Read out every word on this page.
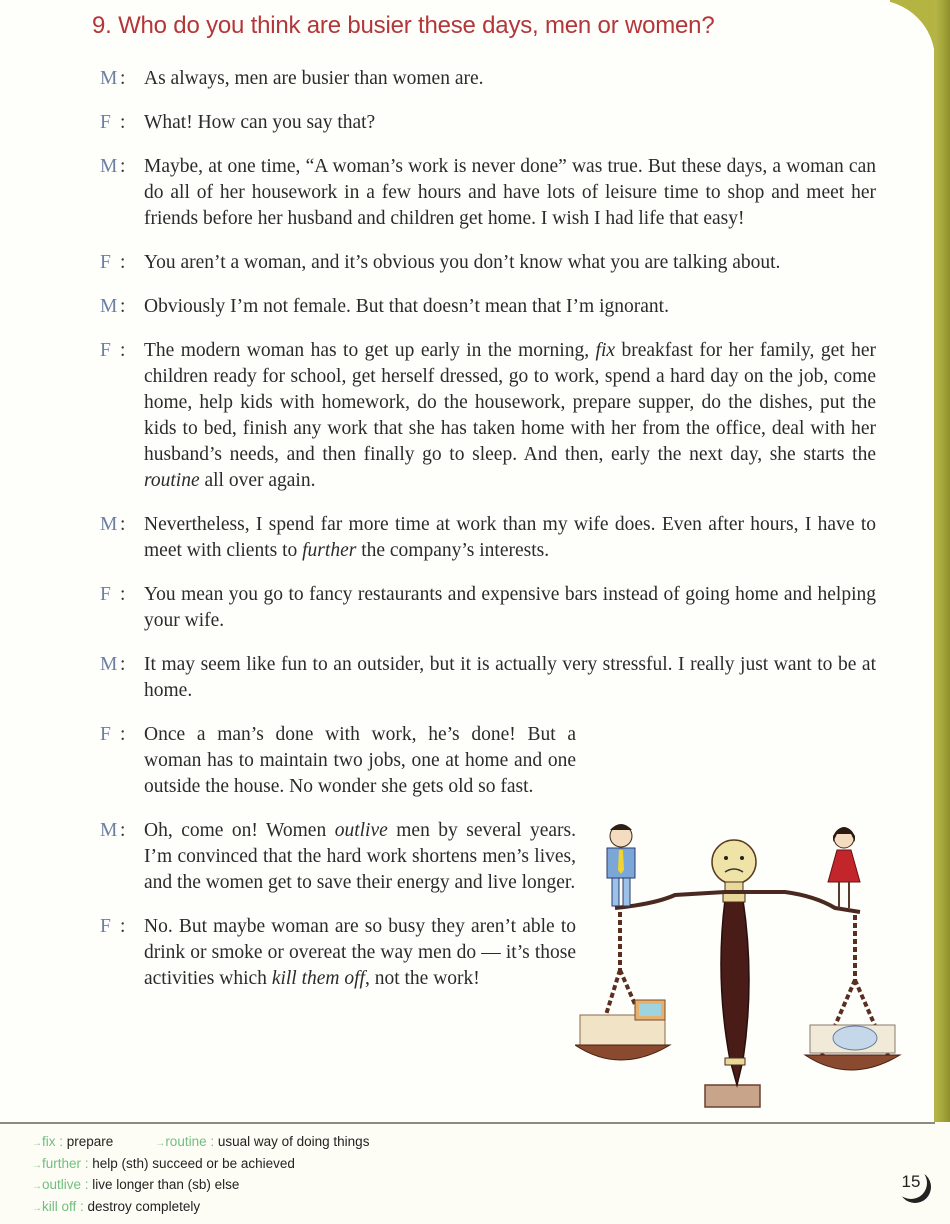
9. Who do you think are busier these days, men or women?
M : As always, men are busier than women are.
F : What! How can you say that?
M : Maybe, at one time, “A woman’s work is never done” was true. But these days, a woman can do all of her housework in a few hours and have lots of leisure time to shop and meet her friends before her husband and children get home. I wish I had life that easy!
F : You aren’t a woman, and it’s obvious you don’t know what you are talking about.
M : Obviously I’m not female. But that doesn’t mean that I’m ignorant.
F : The modern woman has to get up early in the morning, fix breakfast for her family, get her children ready for school, get herself dressed, go to work, spend a hard day on the job, come home, help kids with homework, do the housework, prepare supper, do the dishes, put the kids to bed, finish any work that she has taken home with her from the office, deal with her husband’s needs, and then finally go to sleep. And then, early the next day, she starts the routine all over again.
M : Nevertheless, I spend far more time at work than my wife does. Even after hours, I have to meet with clients to further the company’s interests.
F : You mean you go to fancy restaurants and expensive bars instead of going home and helping your wife.
M : It may seem like fun to an outsider, but it is actually very stressful. I really just want to be at home.
F : Once a man’s done with work, he’s done! But a woman has to maintain two jobs, one at home and one outside the house. No wonder she gets old so fast.
M : Oh, come on! Women outlive men by several years. I’m convinced that the hard work shortens men’s lives, and the women get to save their energy and live longer.
F : No. But maybe woman are so busy they aren’t able to drink or smoke or overeat the way men do — it’s those activities which kill them off, not the work!
→fix : prepare	→routine : usual way of doing things
→further : help (sth) succeed or be achieved
→outlive : live longer than (sb) else
→kill off : destroy completely
15
